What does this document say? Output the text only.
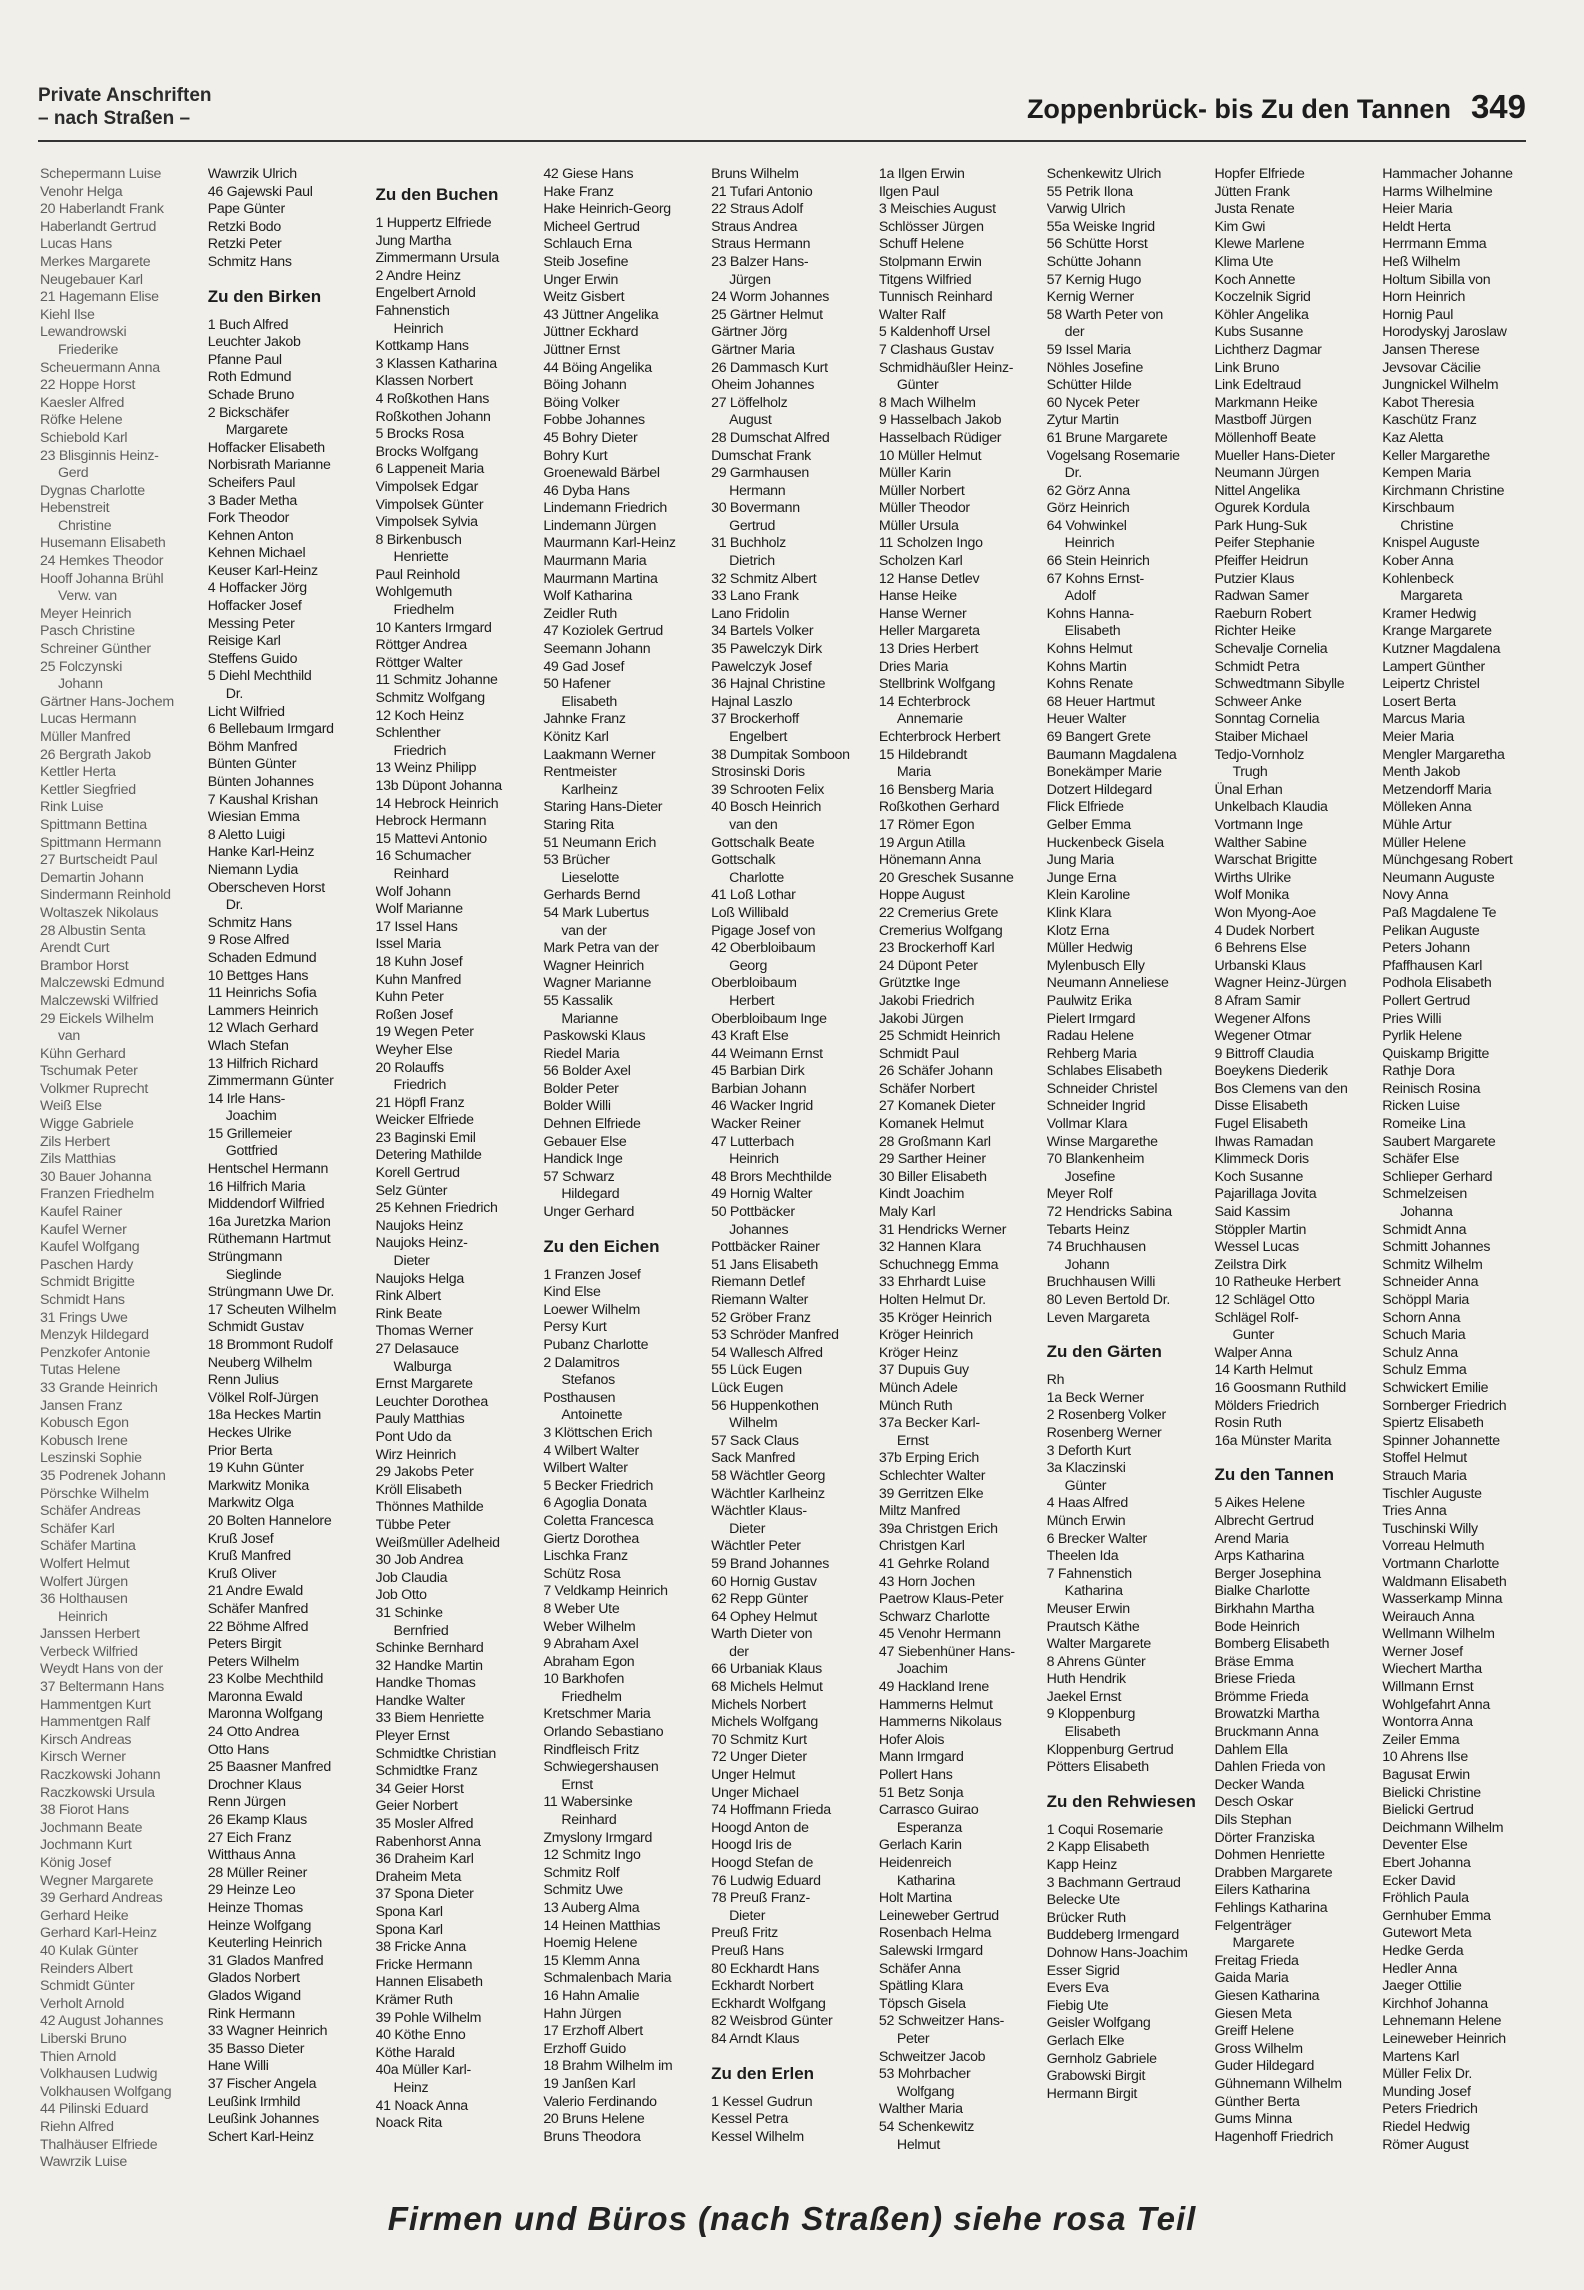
Private Anschriften
– nach Straßen –	Zoppenbrück- bis Zu den Tannen 349
Schepermann Luise
Venohr Helga
20 Haberlandt Frank
Haberlandt Gertrud
Lucas Hans
Merkes Margarete
Neugebauer Karl
21 Hagemann Elise
Kiehl Ilse
Lewandrowski
Friederike
Scheuermann Anna
22 Hoppe Horst
Kaesler Alfred
Röfke Helene
Schiebold Karl
23 Blisginnis Heinz-
Gerd
Dygnas Charlotte
Hebenstreit
Christine
Husemann Elisabeth
24 Hemkes Theodor
Hooff Johanna Brühl
Verw. van
Meyer Heinrich
Pasch Christine
Schreiner Günther
25 Folczynski
Johann
Gärtner Hans-Jochem
Lucas Hermann
Müller Manfred
26 Bergrath Jakob
Kettler Herta
Kettler Siegfried
Rink Luise
Spittmann Bettina
Spittmann Hermann
27 Burtscheidt Paul
Demartin Johann
Sindermann Reinhold
Woltaszek Nikolaus
28 Albustin Senta
Arendt Curt
Brambor Horst
Malczewski Edmund
Malczewski Wilfried
29 Eickels Wilhelm
van
Kühn Gerhard
Tschumak Peter
Volkmer Ruprecht
Weiß Else
Wigge Gabriele
Zils Herbert
Zils Matthias
30 Bauer Johanna
Franzen Friedhelm
Kaufel Rainer
Kaufel Werner
Kaufel Wolfgang
Paschen Hardy
Schmidt Brigitte
Schmidt Hans
31 Frings Uwe
Menzyk Hildegard
Penzkofer Antonie
Tutas Helene
33 Grande Heinrich
Jansen Franz
Kobusch Egon
Kobusch Irene
Leszinski Sophie
35 Podrenek Johann
Pörschke Wilhelm
Schäfer Andreas
Schäfer Karl
Schäfer Martina
Wolfert Helmut
Wolfert Jürgen
36 Holthausen
Heinrich
Janssen Herbert
Verbeck Wilfried
Weydt Hans von der
37 Beltermann Hans
Hammentgen Kurt
Hammentgen Ralf
Kirsch Andreas
Kirsch Werner
Raczkowski Johann
Raczkowski Ursula
38 Fiorot Hans
Jochmann Beate
Jochmann Kurt
König Josef
Wegner Margarete
39 Gerhard Andreas
Gerhard Heike
Gerhard Karl-Heinz
40 Kulak Günter
Reinders Albert
Schmidt Günter
Verholt Arnold
42 August Johannes
Liberski Bruno
Thien Arnold
Volkhausen Ludwig
Volkhausen Wolfgang
44 Pilinski Eduard
Riehn Alfred
Thalhäuser Elfriede
Wawrzik Luise
Wawrzik Ulrich
46 Gajewski Paul
Pape Günter
Retzki Bodo
Retzki Peter
Schmitz Hans
Zu den Birken
1 Buch Alfred
Leuchter Jakob
Pfanne Paul
Roth Edmund
Schade Bruno
2 Bickschäfer
Margarete
Hoffacker Elisabeth
Norbisrath Marianne
Scheifers Paul
3 Bader Metha
Fork Theodor
Kehnen Anton
Kehnen Michael
Keuser Karl-Heinz
4 Hoffacker Jörg
Hoffacker Josef
Messing Peter
Reisige Karl
Steffens Guido
5 Diehl Mechthild
Dr.
Licht Wilfried
6 Bellebaum Irmgard
Böhm Manfred
Bünten Günter
Bünten Johannes
7 Kaushal Krishan
Wiesian Emma
8 Aletto Luigi
Hanke Karl-Heinz
Niemann Lydia
Oberscheven Horst
Dr.
Schmitz Hans
9 Rose Alfred
Schaden Edmund
10 Bettges Hans
11 Heinrichs Sofia
Lammers Heinrich
12 Wlach Gerhard
Wlach Stefan
13 Hilfrich Richard
Zimmermann Günter
14 Irle Hans-
Joachim
15 Grillemeier
Gottfried
Hentschel Hermann
16 Hilfrich Maria
Middendorf Wilfried
16a Juretzka Marion
Rüthemann Hartmut
Strüngmann
Sieglinde
Strüngmann Uwe Dr.
17 Scheuten Wilhelm
Schmidt Gustav
18 Brommont Rudolf
Neuberg Wilhelm
Renn Julius
Völkel Rolf-Jürgen
18a Heckes Martin
Heckes Ulrike
Prior Berta
19 Kuhn Günter
Markwitz Monika
Markwitz Olga
20 Bolten Hannelore
Kruß Josef
Kruß Manfred
Kruß Oliver
21 Andre Ewald
Schäfer Manfred
22 Böhme Alfred
Peters Birgit
Peters Wilhelm
23 Kolbe Mechthild
Maronna Ewald
Maronna Wolfgang
24 Otto Andrea
Otto Hans
25 Baasner Manfred
Drochner Klaus
Renn Jürgen
26 Ekamp Klaus
27 Eich Franz
Witthaus Anna
28 Müller Reiner
29 Heinze Leo
Heinze Thomas
Heinze Wolfgang
Keuterling Heinrich
31 Glados Manfred
Glados Norbert
Glados Wigand
Rink Hermann
33 Wagner Heinrich
35 Basso Dieter
Hane Willi
37 Fischer Angela
Leußink Irmhild
Leußink Johannes
Schert Karl-Heinz
Zu den Buchen
1 Huppertz Elfriede
Jung Martha
Zimmermann Ursula
2 Andre Heinz
Engelbert Arnold
Fahnenstich
Heinrich
Kottkamp Hans
3 Klassen Katharina
Klassen Norbert
4 Roßkothen Hans
Roßkothen Johann
5 Brocks Rosa
Brocks Wolfgang
6 Lappeneit Maria
Vimpolsek Edgar
Vimpolsek Günter
Vimpolsek Sylvia
8 Birkenbusch
Henriette
Paul Reinhold
Wohlgemuth
Friedhelm
10 Kanters Irmgard
Röttger Andrea
Röttger Walter
11 Schmitz Johanne
Schmitz Wolfgang
12 Koch Heinz
Schlenther
Friedrich
13 Weinz Philipp
13b Düpont Johanna
14 Hebrock Heinrich
Hebrock Hermann
15 Mattevi Antonio
16 Schumacher
Reinhard
Wolf Johann
Wolf Marianne
17 Issel Hans
Issel Maria
18 Kuhn Josef
Kuhn Manfred
Kuhn Peter
Roßen Josef
19 Wegen Peter
Weyher Else
20 Rolauffs
Friedrich
21 Höpfl Franz
Weicker Elfriede
23 Baginski Emil
Detering Mathilde
Korell Gertrud
Selz Günter
25 Kehnen Friedrich
Naujoks Heinz
Naujoks Heinz-
Dieter
Naujoks Helga
Rink Albert
Rink Beate
Thomas Werner
27 Delasauce
Walburga
Ernst Margarete
Leuchter Dorothea
Pauly Matthias
Pont Udo da
Wirz Heinrich
29 Jakobs Peter
Kröll Elisabeth
Thönnes Mathilde
Tübbe Peter
Weißmüller Adelheid
30 Job Andrea
Job Claudia
Job Otto
31 Schinke
Bernfried
Schinke Bernhard
32 Handke Martin
Handke Thomas
Handke Walter
33 Biem Henriette
Pleyer Ernst
Schmidtke Christian
Schmidtke Franz
34 Geier Horst
Geier Norbert
35 Mosler Alfred
Rabenhorst Anna
36 Draheim Karl
Draheim Meta
37 Spona Dieter
Spona Karl
Spona Karl
38 Fricke Anna
Fricke Hermann
Hannen Elisabeth
Krämer Ruth
39 Pohle Wilhelm
40 Köthe Enno
Köthe Harald
40a Müller Karl-
Heinz
41 Noack Anna
Noack Rita
42 Giese Hans
Hake Franz
Hake Heinrich-Georg
Micheel Gertrud
Schlauch Erna
Steib Josefine
Unger Erwin
Weitz Gisbert
43 Jüttner Angelika
Jüttner Eckhard
Jüttner Ernst
44 Böing Angelika
Böing Johann
Böing Volker
Fobbe Johannes
45 Bohry Dieter
Bohry Kurt
Groenewald Bärbel
46 Dyba Hans
Lindemann Friedrich
Lindemann Jürgen
Maurmann Karl-Heinz
Maurmann Maria
Maurmann Martina
Wolf Katharina
Zeidler Ruth
47 Koziolek Gertrud
Seemann Johann
49 Gad Josef
50 Hafener
Elisabeth
Jahnke Franz
Könitz Karl
Laakmann Werner
Rentmeister
Karlheinz
Staring Hans-Dieter
Staring Rita
51 Neumann Erich
53 Brücher
Lieselotte
Gerhards Bernd
54 Mark Lubertus
van der
Mark Petra van der
Wagner Heinrich
Wagner Marianne
55 Kassalik
Marianne
Paskowski Klaus
Riedel Maria
56 Bolder Axel
Bolder Peter
Bolder Willi
Dehnen Elfriede
Gebauer Else
Handick Inge
57 Schwarz
Hildegard
Unger Gerhard
Zu den Eichen
1 Franzen Josef
Kind Else
Loewer Wilhelm
Persy Kurt
Pubanz Charlotte
2 Dalamitros
Stefanos
Posthausen
Antoinette
3 Klöttschen Erich
4 Wilbert Walter
Wilbert Walter
5 Becker Friedrich
6 Agoglia Donata
Coletta Francesca
Giertz Dorothea
Lischka Franz
Schütz Rosa
7 Veldkamp Heinrich
8 Weber Ute
Weber Wilhelm
9 Abraham Axel
Abraham Egon
10 Barkhofen
Friedhelm
Kretschmer Maria
Orlando Sebastiano
Rindfleisch Fritz
Schwiegershausen
Ernst
11 Wabersinke
Reinhard
Zmyslony Irmgard
12 Schmitz Ingo
Schmitz Rolf
Schmitz Uwe
13 Auberg Alma
14 Heinen Matthias
Hoemig Helene
15 Klemm Anna
Schmalenbach Maria
16 Hahn Amalie
Hahn Jürgen
17 Erzhoff Albert
Erzhoff Guido
18 Brahm Wilhelm im
19 Janßen Karl
Valerio Ferdinando
20 Bruns Helene
Bruns Theodora
Bruns Wilhelm
21 Tufari Antonio
22 Straus Adolf
Straus Andrea
Straus Hermann
23 Balzer Hans-
Jürgen
24 Worm Johannes
25 Gärtner Helmut
Gärtner Jörg
Gärtner Maria
26 Dammasch Kurt
Oheim Johannes
27 Löffelholz
August
28 Dumschat Alfred
Dumschat Frank
29 Garmhausen
Hermann
30 Bovermann
Gertrud
31 Buchholz
Dietrich
32 Schmitz Albert
33 Lano Frank
Lano Fridolin
34 Bartels Volker
35 Pawelczyk Dirk
Pawelczyk Josef
36 Hajnal Christine
Hajnal Laszlo
37 Brockerhoff
Engelbert
38 Dumpitak Somboon
Strosinski Doris
39 Schrooten Felix
40 Bosch Heinrich
van den
Gottschalk Beate
Gottschalk
Charlotte
41 Loß Lothar
Loß Willibald
Pigage Josef von
42 Oberbloibaum
Georg
Oberbloibaum
Herbert
Oberbloibaum Inge
43 Kraft Else
44 Weimann Ernst
45 Barbian Dirk
Barbian Johann
46 Wacker Ingrid
Wacker Reiner
47 Lutterbach
Heinrich
48 Brors Mechthilde
49 Hornig Walter
50 Pottbäcker
Johannes
Pottbäcker Rainer
51 Jans Elisabeth
Riemann Detlef
Riemann Walter
52 Gröber Franz
53 Schröder Manfred
54 Wallesch Alfred
55 Lück Eugen
Lück Eugen
56 Huppenkothen
Wilhelm
57 Sack Claus
Sack Manfred
58 Wächtler Georg
Wächtler Karlheinz
Wächtler Klaus-
Dieter
Wächtler Peter
59 Brand Johannes
60 Hornig Gustav
62 Repp Günter
64 Ophey Helmut
Warth Dieter von
der
66 Urbaniak Klaus
68 Michels Helmut
Michels Norbert
Michels Wolfgang
70 Schmitz Kurt
72 Unger Dieter
Unger Helmut
Unger Michael
74 Hoffmann Frieda
Hoogd Anton de
Hoogd Iris de
Hoogd Stefan de
76 Ludwig Eduard
78 Preuß Franz-
Dieter
Preuß Fritz
Preuß Hans
80 Eckhardt Hans
Eckhardt Norbert
Eckhardt Wolfgang
82 Weisbrod Günter
84 Arndt Klaus
Zu den Erlen
1 Kessel Gudrun
Kessel Petra
Kessel Wilhelm
1a Ilgen Erwin
Ilgen Paul
3 Meischies August
Schlösser Jürgen
Schuff Helene
Stolpmann Erwin
Titgens Wilfried
Tunnisch Reinhard
Walter Ralf
5 Kaldenhoff Ursel
7 Clashaus Gustav
Schmidhäußler Heinz-
Günter
8 Mach Wilhelm
9 Hasselbach Jakob
Hasselbach Rüdiger
10 Müller Helmut
Müller Karin
Müller Norbert
Müller Theodor
Müller Ursula
11 Scholzen Ingo
Scholzen Karl
12 Hanse Detlev
Hanse Heike
Hanse Werner
Heller Margareta
13 Dries Herbert
Dries Maria
Stellbrink Wolfgang
14 Echterbrock
Annemarie
Echterbrock Herbert
15 Hildebrandt
Maria
16 Bensberg Maria
Roßkothen Gerhard
17 Römer Egon
19 Argun Atilla
Hönemann Anna
20 Greschek Susanne
Hoppe August
22 Cremerius Grete
Cremerius Wolfgang
23 Brockerhoff Karl
24 Düpont Peter
Grütztke Inge
Jakobi Friedrich
Jakobi Jürgen
25 Schmidt Heinrich
Schmidt Paul
26 Schäfer Johann
Schäfer Norbert
27 Komanek Dieter
Komanek Helmut
28 Großmann Karl
29 Sarther Heiner
30 Biller Elisabeth
Kindt Joachim
Maly Karl
31 Hendricks Werner
32 Hannen Klara
Schuchnegg Emma
33 Ehrhardt Luise
Holten Helmut Dr.
35 Kröger Heinrich
Kröger Heinrich
Kröger Heinz
37 Dupuis Guy
Münch Adele
Münch Ruth
37a Becker Karl-
Ernst
37b Erping Erich
Schlechter Walter
39 Gerritzen Elke
Miltz Manfred
39a Christgen Erich
Christgen Karl
41 Gehrke Roland
43 Horn Jochen
Paetrow Klaus-Peter
Schwarz Charlotte
45 Venohr Hermann
47 Siebenhüner Hans-
Joachim
49 Hackland Irene
Hammerns Helmut
Hammerns Nikolaus
Hofer Alois
Mann Irmgard
Pollert Hans
51 Betz Sonja
Carrasco Guirao
Esperanza
Gerlach Karin
Heidenreich
Katharina
Holt Martina
Leineweber Gertrud
Rosenbach Helma
Salewski Irmgard
Schäfer Anna
Spätling Klara
Töpsch Gisela
52 Schweitzer Hans-
Peter
Schweitzer Jacob
53 Mohrbacher
Wolfgang
Walther Maria
54 Schenkewitz
Helmut
Schenkewitz Ulrich
55 Petrik Ilona
Varwig Ulrich
55a Weiske Ingrid
56 Schütte Horst
Schütte Johann
57 Kernig Hugo
Kernig Werner
58 Warth Peter von
der
59 Issel Maria
Nöhles Josefine
Schütter Hilde
60 Nycek Peter
Zytur Martin
61 Brune Margarete
Vogelsang Rosemarie
Dr.
62 Görz Anna
Görz Heinrich
64 Vohwinkel
Heinrich
66 Stein Heinrich
67 Kohns Ernst-
Adolf
Kohns Hanna-
Elisabeth
Kohns Helmut
Kohns Martin
Kohns Renate
68 Heuer Hartmut
Heuer Walter
69 Bangert Grete
Baumann Magdalena
Bonekämper Marie
Dotzert Hildegard
Flick Elfriede
Gelber Emma
Huckenbeck Gisela
Jung Maria
Junge Erna
Klein Karoline
Klink Klara
Klotz Erna
Müller Hedwig
Mylenbusch Elly
Neumann Anneliese
Paulwitz Erika
Pielert Irmgard
Radau Helene
Rehberg Maria
Schlabes Elisabeth
Schneider Christel
Schneider Ingrid
Vollmar Klara
Winse Margarethe
70 Blankenheim
Josefine
Meyer Rolf
72 Hendricks Sabina
Tebarts Heinz
74 Bruchhausen
Johann
Bruchhausen Willi
80 Leven Bertold Dr.
Leven Margareta
Zu den Gärten
Rh
1a Beck Werner
2 Rosenberg Volker
Rosenberg Werner
3 Deforth Kurt
3a Klaczinski
Günter
4 Haas Alfred
Münch Erwin
6 Brecker Walter
Theelen Ida
7 Fahnenstich
Katharina
Meuser Erwin
Prautsch Käthe
Walter Margarete
8 Ahrens Günter
Huth Hendrik
Jaekel Ernst
9 Kloppenburg
Elisabeth
Kloppenburg Gertrud
Pötters Elisabeth
Zu den Rehwiesen
1 Coqui Rosemarie
2 Kapp Elisabeth
Kapp Heinz
3 Bachmann Gertraud
Belecke Ute
Brücker Ruth
Buddeberg Irmengard
Dohnow Hans-Joachim
Esser Sigrid
Evers Eva
Fiebig Ute
Geisler Wolfgang
Gerlach Elke
Gernholz Gabriele
Grabowski Birgit
Hermann Birgit
Hopfer Elfriede
Jütten Frank
Justa Renate
Kim Gwi
Klewe Marlene
Klima Ute
Koch Annette
Koczelnik Sigrid
Köhler Angelika
Kubs Susanne
Lichtherz Dagmar
Link Bruno
Link Edeltraud
Markmann Heike
Mastboff Jürgen
Möllenhoff Beate
Mueller Hans-Dieter
Neumann Jürgen
Nittel Angelika
Ogurek Kordula
Park Hung-Suk
Peifer Stephanie
Pfeiffer Heidrun
Putzier Klaus
Radwan Samer
Raeburn Robert
Richter Heike
Schevalje Cornelia
Schmidt Petra
Schwedtmann Sibylle
Schweer Anke
Sonntag Cornelia
Staiber Michael
Tedjo-Vornholz
Trugh
Ünal Erhan
Unkelbach Klaudia
Vortmann Inge
Walther Sabine
Warschat Brigitte
Wirths Ulrike
Wolf Monika
Won Myong-Aoe
4 Dudek Norbert
6 Behrens Else
Urbanski Klaus
Wagner Heinz-Jürgen
8 Afram Samir
Wegener Alfons
Wegener Otmar
9 Bittroff Claudia
Boeykens Diederik
Bos Clemens van den
Disse Elisabeth
Fugel Elisabeth
Ihwas Ramadan
Klimmeck Doris
Koch Susanne
Pajarillaga Jovita
Said Kassim
Stöppler Martin
Wessel Lucas
Zeilstra Dirk
10 Ratheuke Herbert
12 Schlägel Otto
Schlägel Rolf-
Gunter
Walper Anna
14 Karth Helmut
16 Goosmann Ruthild
Mölders Friedrich
Rosin Ruth
16a Münster Marita
Zu den Tannen
5 Aikes Helene
Albrecht Gertrud
Arend Maria
Arps Katharina
Berger Josephina
Bialke Charlotte
Birkhahn Martha
Bode Heinrich
Bomberg Elisabeth
Bräse Emma
Briese Frieda
Brömme Frieda
Browatzki Martha
Bruckmann Anna
Dahlem Ella
Dahlen Frieda von
Decker Wanda
Desch Oskar
Dils Stephan
Dörter Franziska
Dohmen Henriette
Drabben Margarete
Eilers Katharina
Fehlings Katharina
Felgenträger
Margarete
Freitag Frieda
Gaida Maria
Giesen Katharina
Giesen Meta
Greiff Helene
Gross Wilhelm
Guder Hildegard
Gühnemann Wilhelm
Günther Berta
Gums Minna
Hagenhoff Friedrich
Hammacher Johanne
Harms Wilhelmine
Heier Maria
Heldt Herta
Herrmann Emma
Heß Wilhelm
Holtum Sibilla von
Horn Heinrich
Hornig Paul
Horodyskyj Jaroslaw
Jansen Therese
Jevsovar Cäcilie
Jungnickel Wilhelm
Kabot Theresia
Kaschütz Franz
Kaz Aletta
Keller Margarethe
Kempen Maria
Kirchmann Christine
Kirschbaum
Christine
Knispel Auguste
Kober Anna
Kohlenbeck
Margareta
Kramer Hedwig
Krange Margarete
Kutzner Magdalena
Lampert Günther
Leipertz Christel
Losert Berta
Marcus Maria
Meier Maria
Mengler Margaretha
Menth Jakob
Metzendorff Maria
Mölleken Anna
Mühle Artur
Müller Helene
Münchgesang Robert
Neumann Auguste
Novy Anna
Paß Magdalene Te
Pelikan Auguste
Peters Johann
Pfaffhausen Karl
Podhola Elisabeth
Pollert Gertrud
Pries Willi
Pyrlik Helene
Quiskamp Brigitte
Rathje Dora
Reinisch Rosina
Ricken Luise
Romeike Lina
Saubert Margarete
Schäfer Else
Schlieper Gerhard
Schmelzeisen
Johanna
Schmidt Anna
Schmitt Johannes
Schmitz Wilhelm
Schneider Anna
Schöppl Maria
Schorn Anna
Schuch Maria
Schulz Anna
Schulz Emma
Schwickert Emilie
Sornberger Friedrich
Spiertz Elisabeth
Spinner Johannette
Stoffel Helmut
Strauch Maria
Tischler Auguste
Tries Anna
Tuschinski Willy
Vorreau Helmuth
Vortmann Charlotte
Waldmann Elisabeth
Wasserkamp Minna
Weirauch Anna
Wellmann Wilhelm
Werner Josef
Wiechert Martha
Willmann Ernst
Wohlgefahrt Anna
Wontorra Anna
Zeiler Emma
10 Ahrens Ilse
Bagusat Erwin
Bielicki Christine
Bielicki Gertrud
Deichmann Wilhelm
Deventer Else
Ebert Johanna
Ecker David
Fröhlich Paula
Gernhuber Emma
Gutewort Meta
Hedke Gerda
Hedler Anna
Jaeger Ottilie
Kirchhof Johanna
Lehnemann Helene
Leineweber Heinrich
Martens Karl
Müller Felix Dr.
Munding Josef
Peters Friedrich
Riedel Hedwig
Römer August
Firmen und Büros (nach Straßen) siehe rosa Teil
